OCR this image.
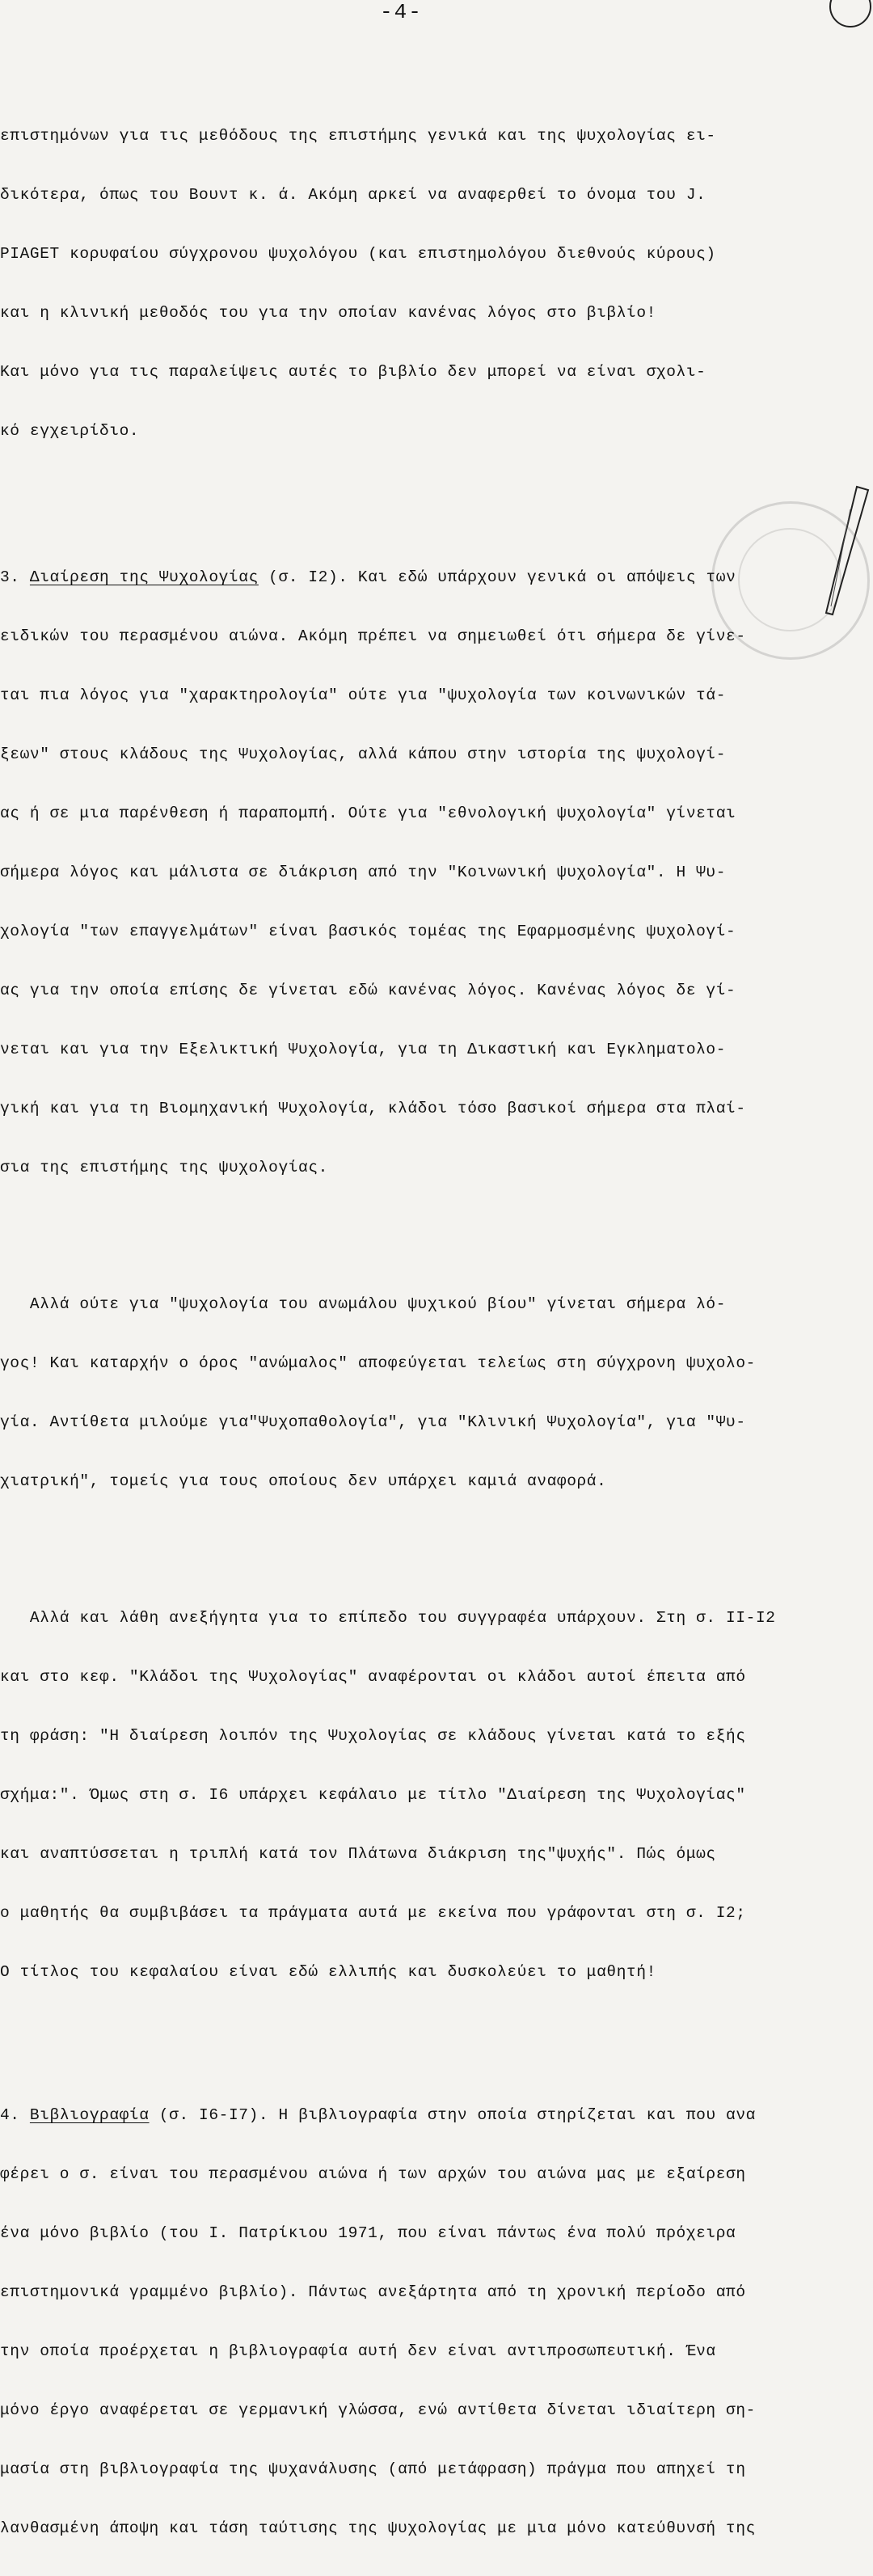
-4-

επιστημόνων για τις μεθόδους της επιστήμης γενικά και της ψυχολογίας ει-

δικότερα, όπως του Βουντ κ. ά. Ακόμη αρκεί να αναφερθεί το όνομα του J.

PIAGET κορυφαίου σύγχρονου ψυχολόγου (και επιστημολόγου διεθνούς κύρους)

και η κλινική μεθοδός του για την οποίαν κανένας λόγος στο βιβλίο!

Και μόνο για τις παραλείψεις αυτές το βιβλίο δεν μπορεί να είναι σχολι-

κό εγχειρίδιο.

3. Διαίρεση της Ψυχολογίας (σ. Ι2). Και εδώ υπάρχουν γενικά οι απόψεις των

ειδικών του περασμένου αιώνα. Ακόμη πρέπει να σημειωθεί ότι σήμερα δε γίνε-

ται πια λόγος για "χαρακτηρολογία" ούτε για "ψυχολογία των κοινωνικών τά-

ξεων" στους κλάδους της Ψυχολογίας, αλλά κάπου στην ιστορία της ψυχολογί-

ας ή σε μια παρένθεση ή παραπομπή. Ούτε για "εθνολογική ψυχολογία" γίνεται

σήμερα λόγος και μάλιστα σε διάκριση από την "Κοινωνική ψυχολογία". Η Ψυ-

χολογία "των επαγγελμάτων" είναι βασικός τομέας της Εφαρμοσμένης ψυχολογί-

ας για την οποία επίσης δε γίνεται εδώ κανένας λόγος. Κανένας λόγος δε γί-

νεται και για την Εξελικτική Ψυχολογία, για τη Δικαστική και Εγκληματολο-

γική και για τη Βιομηχανική Ψυχολογία, κλάδοι τόσο βασικοί σήμερα στα πλαί-

σια της επιστήμης της ψυχολογίας.

Αλλά ούτε για "ψυχολογία του ανωμάλου ψυχικού βίου" γίνεται σήμερα λό-

γος! Και καταρχήν ο όρος "ανώμαλος" αποφεύγεται τελείως στη σύγχρονη ψυχολο-

γία. Αντίθετα μιλούμε για"Ψυχοπαθολογία", για "Κλινική Ψυχολογία", για "Ψυ-

χιατρική", τομείς για τους οποίους δεν υπάρχει καμιά αναφορά.

Αλλά και λάθη ανεξήγητα για το επίπεδο του συγγραφέα υπάρχουν. Στη σ. ΙΙ-Ι2

και στο κεφ. "Κλάδοι της Ψυχολογίας" αναφέρονται οι κλάδοι αυτοί έπειτα από

τη φράση: "Η διαίρεση λοιπόν της Ψυχολογίας σε κλάδους γίνεται κατά το εξής

σχήμα:". Όμως στη σ. Ι6 υπάρχει κεφάλαιο με τίτλο "Διαίρεση της Ψυχολογίας"

και αναπτύσσεται η τριπλή κατά τον Πλάτωνα διάκριση της"ψυχής". Πώς όμως

ο μαθητής θα συμβιβάσει τα πράγματα αυτά με εκείνα που γράφονται στη σ. Ι2;

Ο τίτλος του κεφαλαίου είναι εδώ ελλιπής και δυσκολεύει το μαθητή!

4. Βιβλιογραφία (σ. Ι6-Ι7). Η βιβλιογραφία στην οποία στηρίζεται και που ανα

φέρει ο σ. είναι του περασμένου αιώνα ή των αρχών του αιώνα μας με εξαίρεση

ένα μόνο βιβλίο (του Ι. Πατρίκιου 1971, που είναι πάντως ένα πολύ πρόχειρα

επιστημονικά γραμμένο βιβλίο). Πάντως ανεξάρτητα από τη χρονική περίοδο από

την οποία προέρχεται η βιβλιογραφία αυτή δεν είναι αντιπροσωπευτική. Ένα

μόνο έργο αναφέρεται σε γερμανική γλώσσα, ενώ αντίθετα δίνεται ιδιαίτερη ση-

μασία στη βιβλιογραφία της ψυχανάλυσης (από μετάφραση) πράγμα που απηχεί τη

λανθασμένη άποψη και τάση ταύτισης της ψυχολογίας με μια μόνο κατεύθυνσή της
